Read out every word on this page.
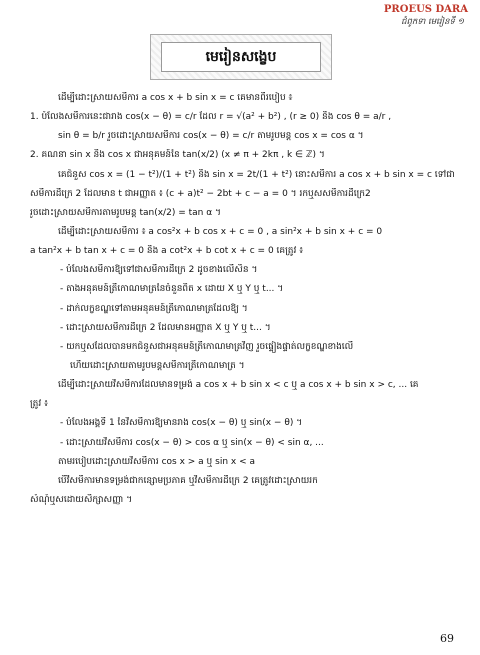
PROEUS DARA
ជំពូកទា មេរៀនទី ១
មេរៀនសង្ខេប
ដើម្បីដោះស្រាយសមីការ a cos x + b sin x = c គេមានពីរបៀប ៖
1. បំលែងសមីការនេះជារាង cos(x − θ) = c/r ដែល r = √(a² + b²) , (r ≥ 0) និង cos θ = a/r ,
sin θ = b/r រួចដោះស្រាយសមីការ cos(x − θ) = c/r តាមរូបមន្ត cos x = cos α ។
2. គណនា sin x និង cos x ជាអនុគមន៍នៃ tan(x/2) (x ≠ π + 2kπ , k ∈ ℤ) ។
គេជំនួស cos x = (1 − t²)/(1 + t²) និង sin x = 2t/(1 + t²) នោះសមីការ a cos x + b sin x = c ទៅជា
សមីការដឺក្រេ 2 ដែលមាន t ជាអញ្ញាត ៖ (c + a)t² − 2bt + c − a = 0 ។ រកឬសសមីការដឺក្រេ2
រួចដោះស្រាយសមីការតាមរូបមន្ត tan(x/2) = tan α ។
ដើម្បីដោះស្រាយសមីការ ៖ a cos²x + b cos x + c = 0 , a sin²x + b sin x + c = 0
a tan²x + b tan x + c = 0 និង a cot²x + b cot x + c = 0 គេត្រូវ ៖
- បំលែងសមីការឱ្យទៅជាសមីការដឺក្រេ 2 ដូចខាងលើសិន ។
- តាងអនុគមន៍ត្រីកោណមាត្រនៃចំនួនពិត x ដោយ X ឬ Y ឬ t... ។
- ដាក់លក្ខខណ្ឌទៅតាមអនុគមន៍ត្រីកោណមាត្រដែលឱ្យ ។
- ដោះស្រាយសមីការដឺក្រេ 2 ដែលមានអញ្ញាត X ឬ Y ឬ t... ។
- យកឬសដែលបានមកជំនួសជាអនុគមន៍ត្រីកោណមាត្រវិញ រួចផ្ទៀងផ្ទាត់លក្ខខណ្ឌខាងលើ
ហើយដោះស្រាយតាមរូបមន្តសមីការត្រីកោណមាត្រ ។
ដើម្បីដោះស្រាយវិសមីការដែលមានទម្រង់ a cos x + b sin x < c ឬ a cos x + b sin x > c, ... គេ
ត្រូវ ៖
- បំលែងអង្គទី 1 នៃវិសមីការឱ្យមានរាង cos(x − θ) ឬ sin(x − θ) ។
- ដោះស្រាយវិសមីការ cos(x − θ) > cos α ឬ sin(x − θ) < sin α, ...
តាមរបៀបដោះស្រាយវិសមីការ cos x > a ឬ sin x < a
បើវិសមីការមានទម្រង់ជាកន្សោមប្រភាគ ឬវិសមីការដឺក្រេ 2 គេត្រូវដោះស្រាយរក
សំណុំឬសដោយសិក្សាសញ្ញា ។
69
